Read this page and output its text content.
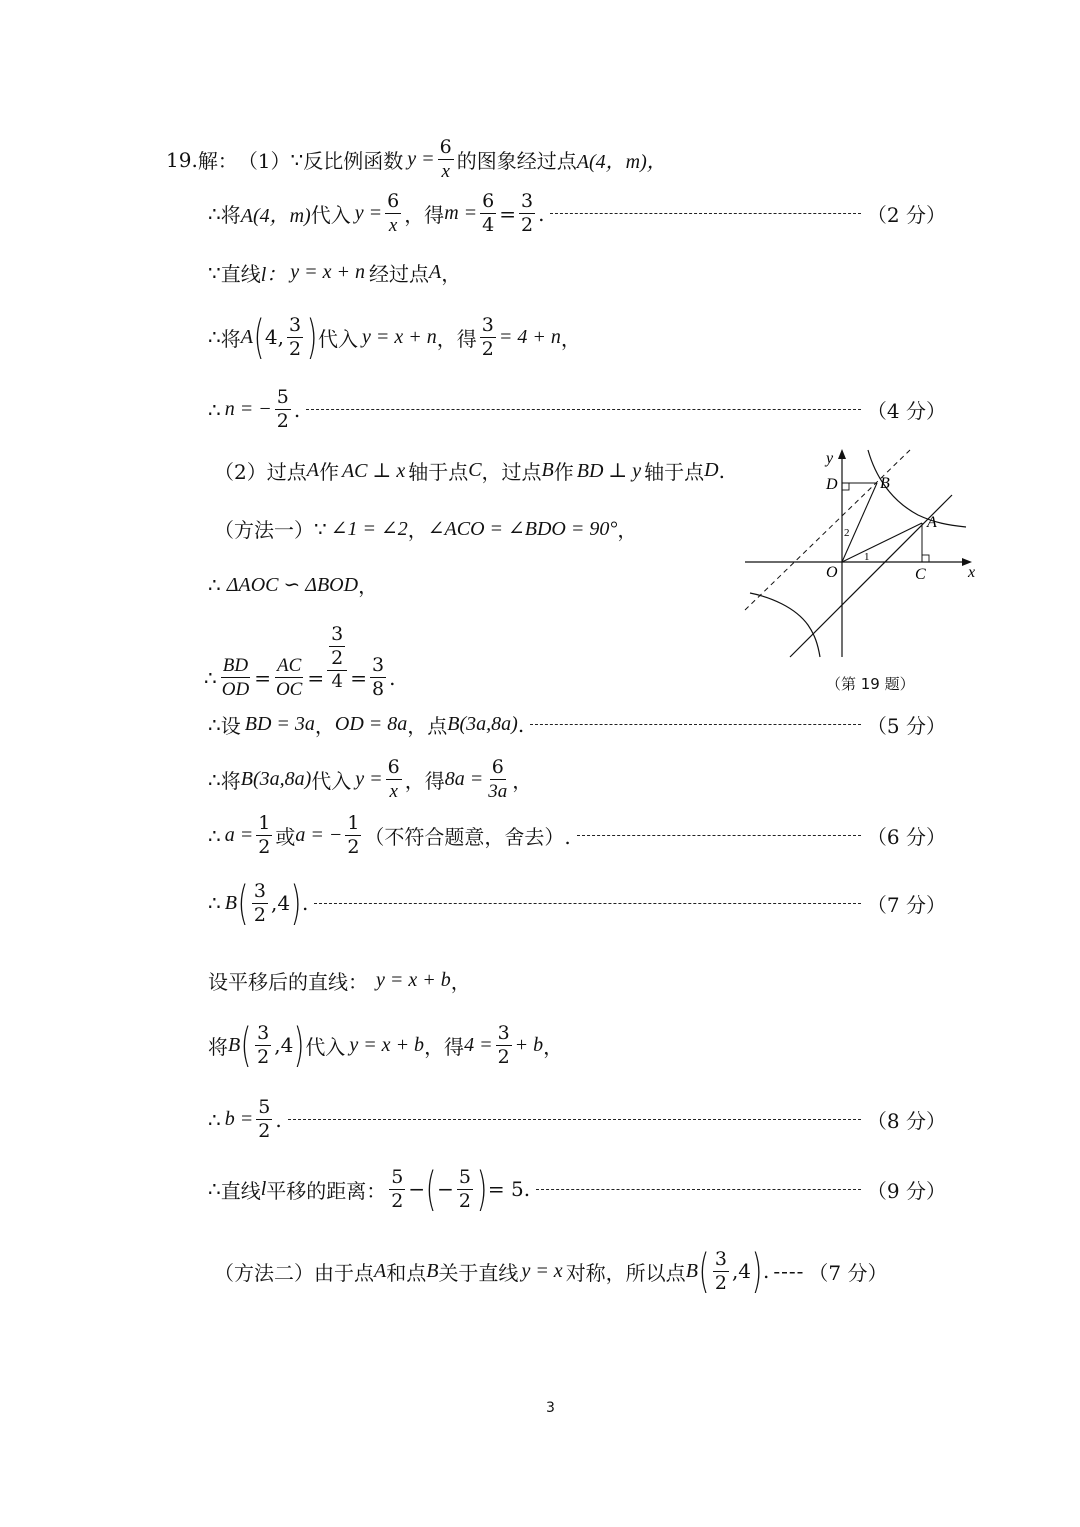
19. 解： （1） ∵ 反比例函数 $y = \frac{6}{x}$ 的图象经过点 A(4，m)，
∴ 将 A(4，m) 代入 $y = \frac{6}{x}$ ，得 $m = \frac{6}{4} = \frac{3}{2}$ .	（2 分）
∵ 直线 l： y = x + n 经过点 A ，
∴ 将 A ( 4, $\frac{3}{2}$ ) 代入 y = x + n ，得 $\frac{3}{2} = 4 + n$ ，
∴ n = − $\frac{5}{2}$ .	（4 分）
（2）过点 A 作 AC ⊥ x 轴于点 C ，过点 B 作 BD ⊥ y 轴于点 D .
（方法一） ∵ ∠1 = ∠2 ， ∠ACO = ∠BDO = 90° ，
∴ ΔAOC ∽ ΔBOD ，
∴ $\frac{BD}{OD} = \frac{AC}{OC} = \frac{\frac{3}{2}}{4} = \frac{3}{8}$ .
∴ 设 BD = 3a ， OD = 8a ，点 B(3a,8a) .	（5 分）
∴ 将 B(3a,8a) 代入 $y = \frac{6}{x}$ ，得 $8a = \frac{6}{3a}$ ，
∴ $a = \frac{1}{2}$ 或 a = − $\frac{1}{2}$ （不符合题意，舍去）.	（6 分）
∴ B ( $\frac{3}{2} ,4$ ) .	（7 分）
设平移后的直线： y = x + b ，
将 B ( $\frac{3}{2} ,4$ ) 代入 y = x + b ，得 $4 = \frac{3}{2} + b$ ，
∴ $b = \frac{5}{2}$ .	（8 分）
∴ 直线 l 平移的距离： $\frac{5}{2}$ − ( − $\frac{5}{2}$ ) = 5 .	（9 分）
（方法二）由于点 A 和点 B 关于直线 y = x 对称，所以点 B ( $\frac{3}{2} ,4$ ) . ---- （7 分）
y
x
D	B
A
O	C
1
2
（第 19 题）
3
